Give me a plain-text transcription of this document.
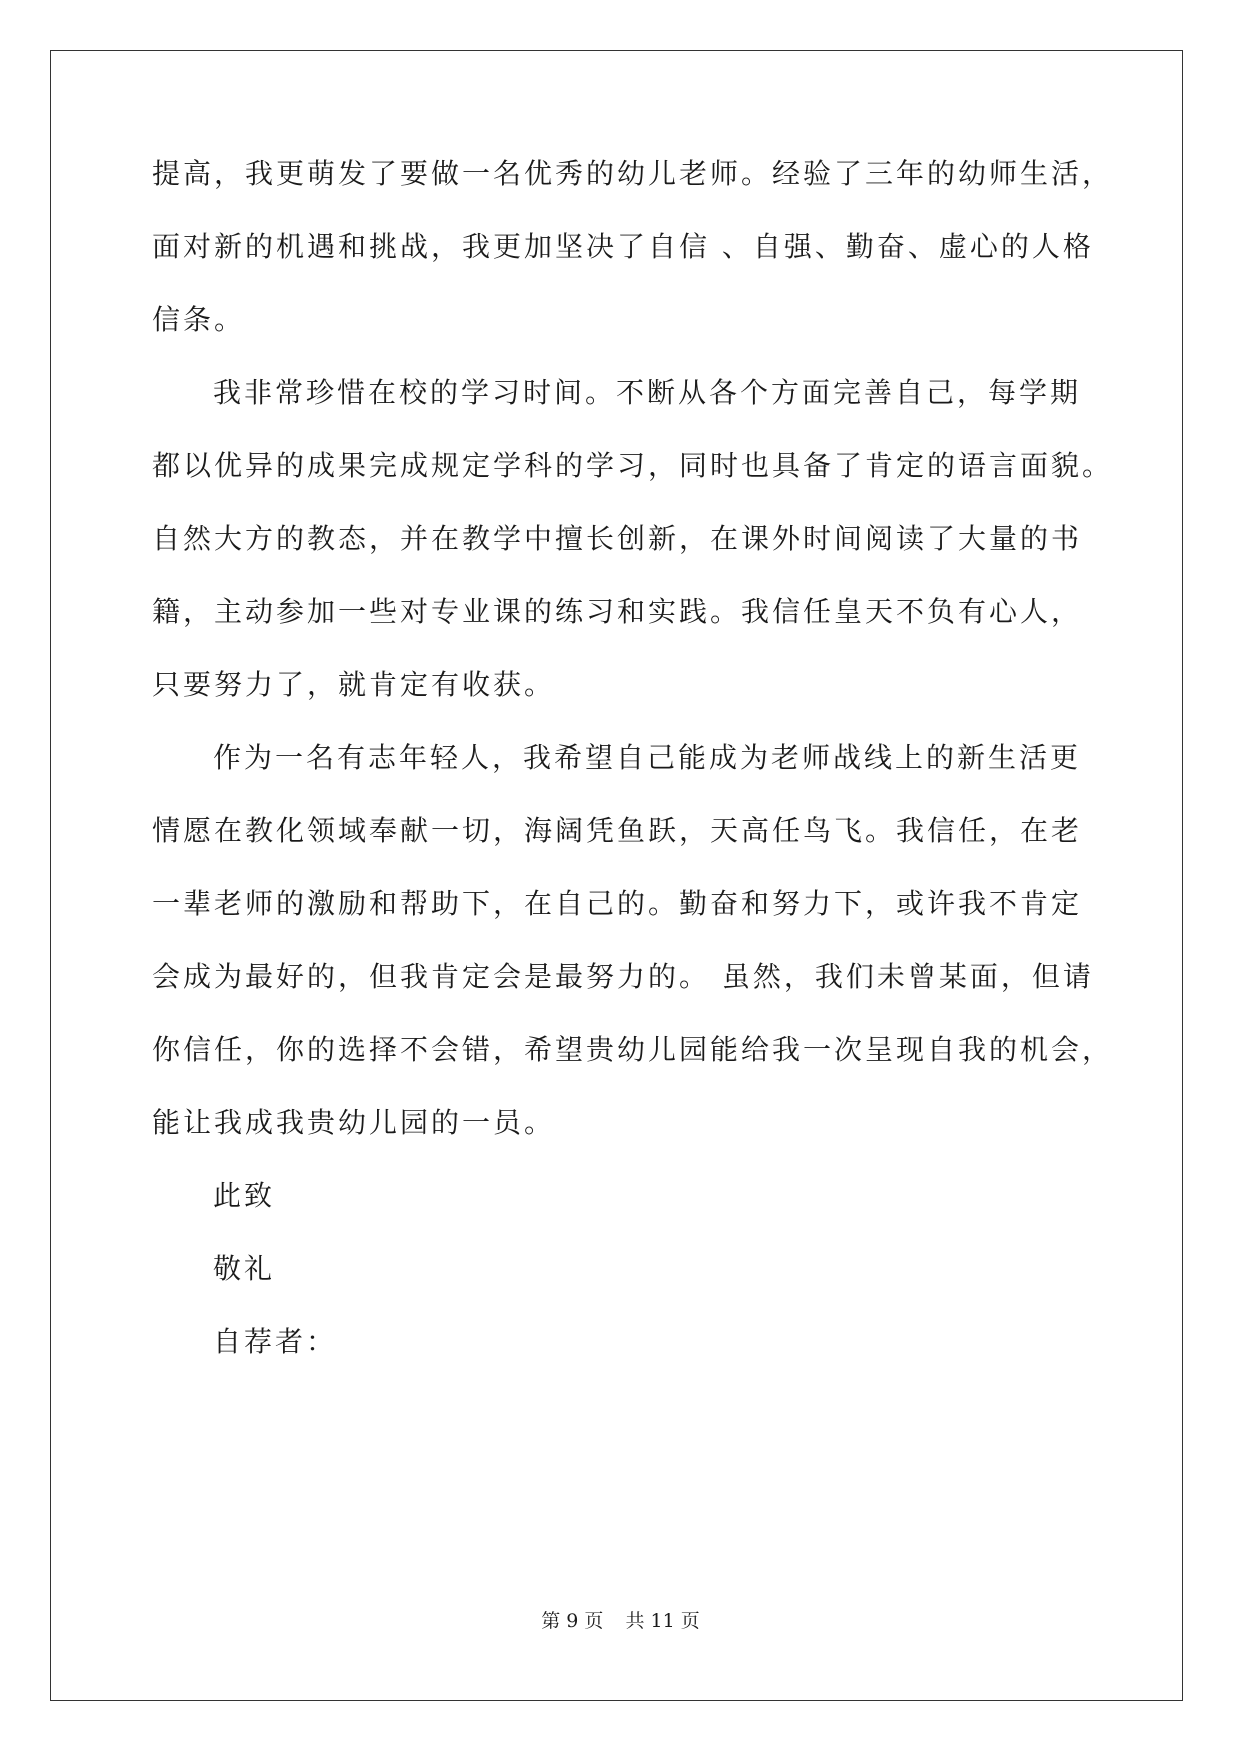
提高，我更萌发了要做一名优秀的幼儿老师。经验了三年的幼师生活，
面对新的机遇和挑战，我更加坚决了自信 、自强、勤奋、虚心的人格
信条。
我非常珍惜在校的学习时间。不断从各个方面完善自己，每学期
都以优异的成果完成规定学科的学习，同时也具备了肯定的语言面貌。
自然大方的教态，并在教学中擅长创新，在课外时间阅读了大量的书
籍，主动参加一些对专业课的练习和实践。我信任皇天不负有心人，
只要努力了，就肯定有收获。
作为一名有志年轻人，我希望自己能成为老师战线上的新生活更
情愿在教化领域奉献一切，海阔凭鱼跃，天高任鸟飞。我信任，在老
一辈老师的激励和帮助下，在自己的。勤奋和努力下，或许我不肯定
会成为最好的，但我肯定会是最努力的。 虽然，我们未曾某面，但请
你信任，你的选择不会错，希望贵幼儿园能给我一次呈现自我的机会，
能让我成我贵幼儿园的一员。
此致
敬礼
自荐者：
第 9 页 共 11 页
